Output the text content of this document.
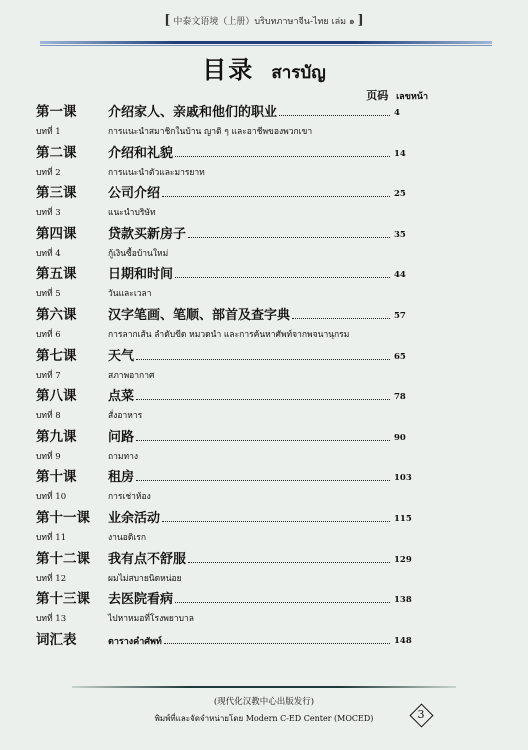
[ 中泰文语境（上册）บริบทภาษาจีน-ไทย เล่ม ๑ ]
目录 สารบัญ
页码 เลขหน้า
第一课	介绍家人、亲戚和他们的职业	4
บทที่ 1	การแนะนำสมาชิกในบ้าน ญาติ ๆ และอาชีพของพวกเขา
第二课	介绍和礼貌	14
บทที่ 2	การแนะนำตัวและมารยาท
第三课	公司介绍	25
บทที่ 3	แนะนำบริษัท
第四课	贷款买新房子	35
บทที่ 4	กู้เงินซื้อบ้านใหม่
第五课	日期和时间	44
บทที่ 5	วันและเวลา
第六课	汉字笔画、笔顺、部首及查字典	57
บทที่ 6	การลากเส้น ลำดับขีด หมวดนำ และการค้นหาศัพท์จากพจนานุกรม
第七课	天气	65
บทที่ 7	สภาพอากาศ
第八课	点菜	78
บทที่ 8	สั่งอาหาร
第九课	问路	90
บทที่ 9	ถามทาง
第十课	租房	103
บทที่ 10	การเช่าห้อง
第十一课	业余活动	115
บทที่ 11	งานอดิเรก
第十二课	我有点不舒服	129
บทที่ 12	ผมไม่สบายนิดหน่อย
第十三课	去医院看病	138
บทที่ 13	ไปหาหมอที่โรงพยาบาล
词汇表	ตารางคำศัพท์	148
(现代化汉教中心出版发行)
พิมพ์ที่และจัดจำหน่ายโดย Modern C-ED Center (MOCED)	3
